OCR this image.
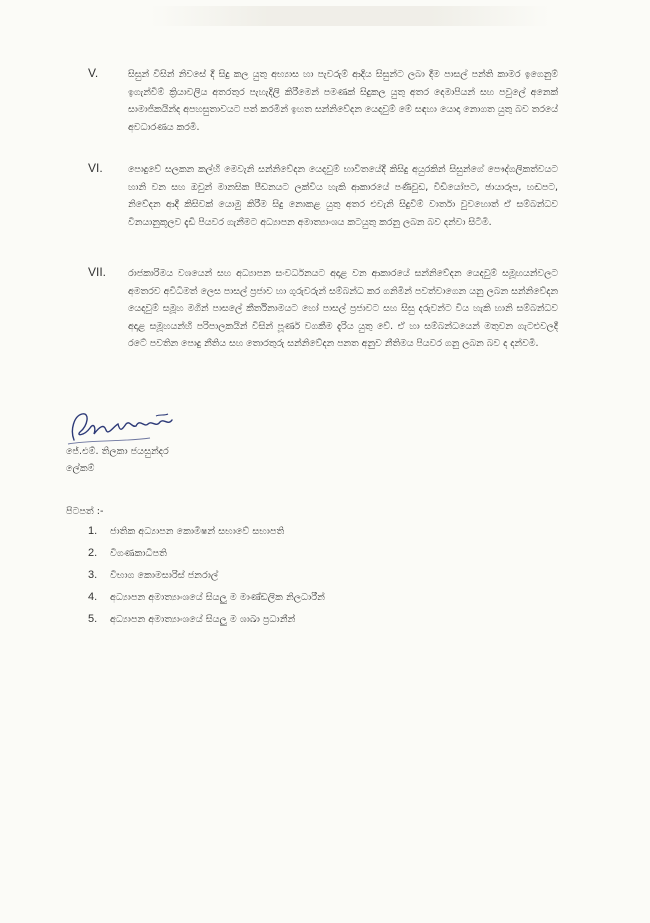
V.	සිසුන් විසින් නිවසේ දී සිදු කල යුතු අභ්‍යාස හා පැවරුම් ආදිය සිසුන්ට ලබා දීම පාසල් පන්ති කාමර ඉගෙනුම් ඉගැන්වීම් ක්‍රියාවලිය අතරතුර පැහැදිලි කිරීමෙන් පමණක් සිදුකල යුතු අතර දෙමාපියන් සහ පවුලේ අනෙක් සාමාජිකයින්ද අපහසුතාවයට පත් කරමින් ඉහත සන්නිවේදන යෙදවුම් මේ සඳහා යොදා නොගත යුතු බව තරයේ අවධාරණය කරමි.
VI.	පොදුවේ සලකන කල්හි මෙවැනි සන්නිවේදන යෙදවුම් භාවිතයේදී කිසිදු අයුරකින් සිසුන්ගේ පෞද්ගලිකත්වයට හානි වන සහ ඔවුන් මානසික පීඩනයට ලක්විය හැකි ආකාරයේ පණිවුඩ, වීඩියෝපට, ඡායාරූප, හඬපට, නිවේදන ආදී කිසිවක් යොමු කිරීම සිදු නොකළ යුතු අතර එවැනි සිදුවීම් වාර්තා වුවහොත් ඒ සම්බන්ධව විනයානුකූලව දැඩි පියවර ගැනීමට අධ්‍යාපන අමාත්‍යාංශය කටයුතු කරනු ලබන බව දන්වා සිටිමි.
VII.	රාජකාරිමය වශයෙන් සහ අධ්‍යාපන සංවර්ධනයට අදාළ වන ආකාරයේ සන්නිවේදන යෙදවුම් සමූහයන්වලට අමතරව අවිධිමත් ලෙස පාසල් ප්‍රජාව හා ගුරුවරුන් සම්බන්ධ කර ගනිමින් පවත්වාගෙන යනු ලබන සන්නිවේදන යෙදවුම් සමූහ මගින් පාසලේ කීර්තිනාමයට හෝ පාසල් ප්‍රජාවට සහ සිසු දරුවන්ට විය හැකි හානි සම්බන්ධව අදාළ සමූහයන්හි පරිපාලකයින් විසින් පූර්ණ වගකීම දැරිය යුතු වේ. ඒ හා සම්බන්ධයෙන් මතුවන ගැටළුවලදී රටේ පවතින පොදු නීතිය සහ තොරතුරු සන්නිවේදන පනත අනුව නීතිමය පියවර ගනු ලබන බව ද දන්වමි.
ජේ.එම්. තිලකා ජයසුන්දර
ලේකම්
පිටපත් :-
1.	ජාතික අධ්‍යාපන කොමිෂන් සභාවේ සභාපති
2.	විගණකාධිපති
3.	විභාග කොමසාරිස් ජනරාල්
4.	අධ්‍යාපන අමාත්‍යාංශයේ සියලු ම මාණ්ඩලික නිලධාරීන්
5.	අධ්‍යාපන අමාත්‍යාංශයේ සියලු ම ශාඛා ප්‍රධානීන්
